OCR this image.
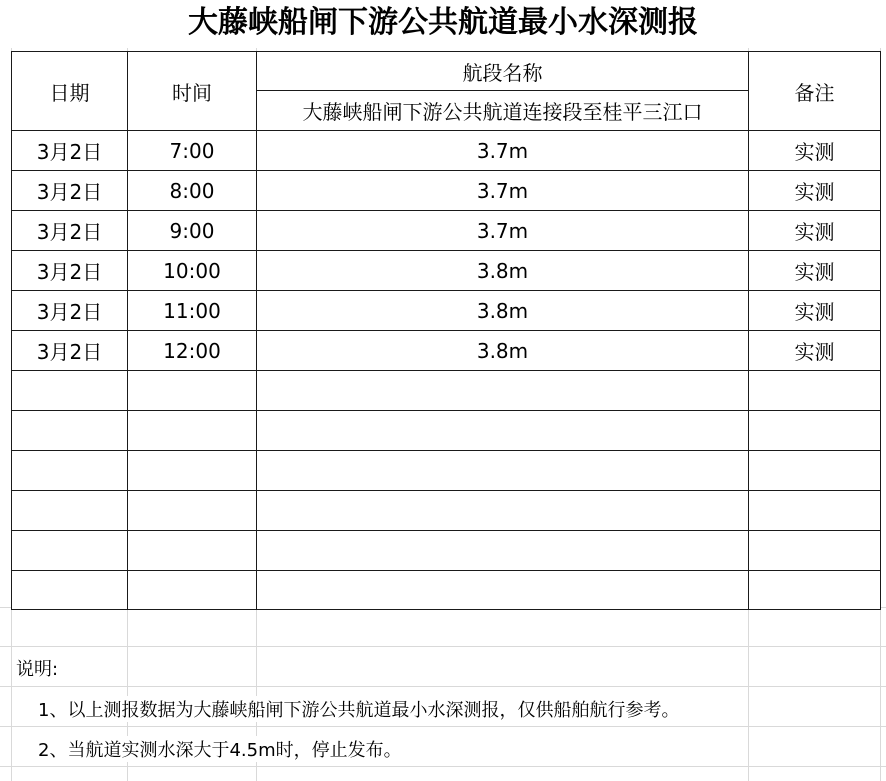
大藤峡船闸下游公共航道最小水深测报
日期	时间	航段名称	备注
		大藤峡船闸下游公共航道连接段至桂平三江口	
3月2日	7:00	3.7m	实测
3月2日	8:00	3.7m	实测
3月2日	9:00	3.7m	实测
3月2日	10:00	3.8m	实测
3月2日	11:00	3.8m	实测
3月2日	12:00	3.8m	实测

说明:
1、以上测报数据为大藤峡船闸下游公共航道最小水深测报，仅供船舶航行参考。
2、当航道实测水深大于4.5m时，停止发布。
